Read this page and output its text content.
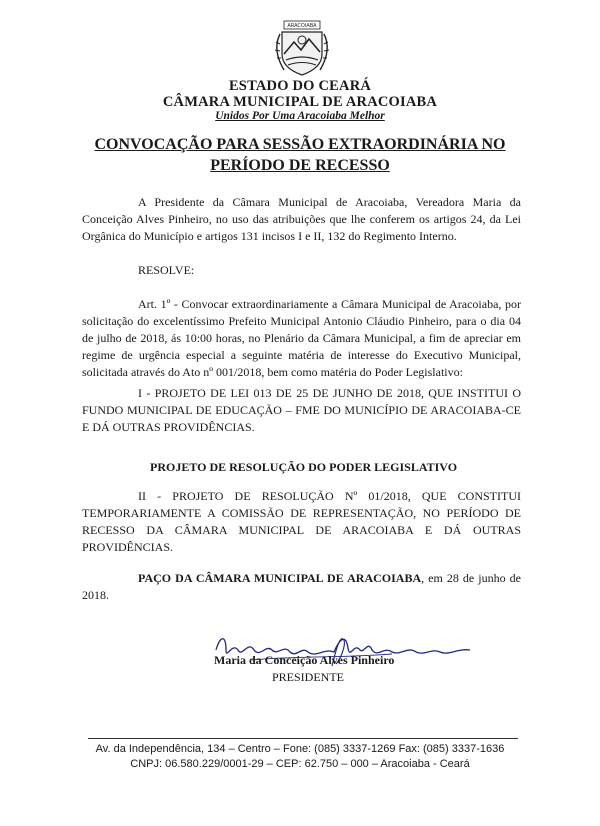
ARACOIABA
ESTADO DO CEARÁ
CÂMARA MUNICIPAL DE ARACOIABA
Unidos Por Uma Aracoiaba Melhor
CONVOCAÇÃO PARA SESSÃO EXTRAORDINÁRIA NO
PERÍODO DE RECESSO
A Presidente da Câmara Municipal de Aracoiaba, Vereadora Maria da Conceição Alves Pinheiro, no uso das atribuições que lhe conferem os artigos 24, da Lei Orgânica do Município e artigos 131 incisos I e II, 132 do Regimento Interno.
RESOLVE:
Art. 1º - Convocar extraordinariamente a Câmara Municipal de Aracoiaba, por solicitação do excelentíssimo Prefeito Municipal Antonio Cláudio Pinheiro, para o dia 04 de julho de 2018, ás 10:00 horas, no Plenário da Câmara Municipal, a fim de apreciar em regime de urgência especial a seguinte matéria de interesse do Executivo Municipal, solicitada através do Ato nº 001/2018, bem como matéria do Poder Legislativo:
I - PROJETO DE LEI 013 DE 25 DE JUNHO DE 2018, QUE INSTITUI O FUNDO MUNICIPAL DE EDUCAÇÃO – FME DO MUNICÍPIO DE ARACOIABA-CE E DÁ OUTRAS PROVIDÊNCIAS.
PROJETO DE RESOLUÇÃO DO PODER LEGISLATIVO
II - PROJETO DE RESOLUÇÃO Nº 01/2018, QUE CONSTITUI TEMPORARIAMENTE A COMISSÃO DE REPRESENTAÇÃO, NO PERÍODO DE RECESSO DA CÂMARA MUNICIPAL DE ARACOIABA E DÁ OUTRAS PROVIDÊNCIAS.
PAÇO DA CÂMARA MUNICIPAL DE ARACOIABA, em 28 de junho de 2018.
Maria da Conceição Alves Pinheiro
PRESIDENTE
Av. da Independência, 134 – Centro – Fone: (085) 3337-1269 Fax: (085) 3337-1636
CNPJ: 06.580.229/0001-29 – CEP: 62.750 – 000 – Aracoiaba - Ceará
